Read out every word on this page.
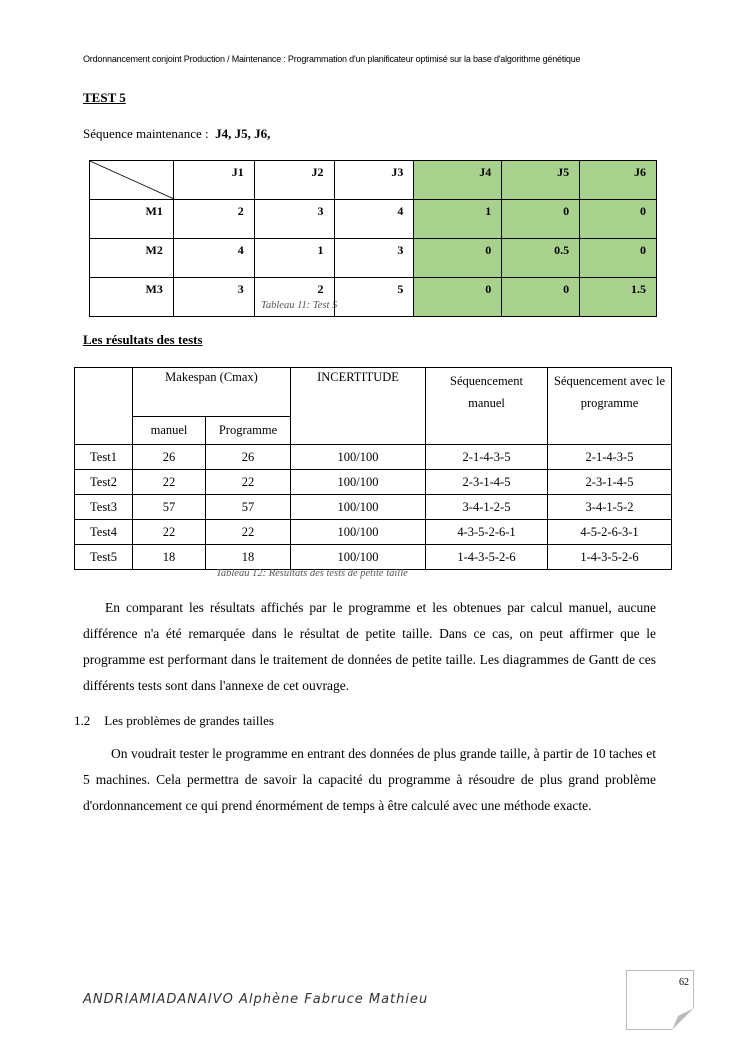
Ordonnancement conjoint Production / Maintenance : Programmation d'un planificateur optimisé sur la base d'algorithme génétique
TEST 5
Séquence maintenance : J4, J5, J6,
	J1	J2	J3	J4	J5	J6
M1	2	3	4	1	0	0
M2	4	1	3	0	0.5	0
M3	3	2	5	0	0	1.5
Tableau 11: Test 5
Les résultats des tests
	Makespan (Cmax)		INCERTITUDE	Séquencement manuel	Séquencement avec le programme
	manuel	Programme			
Test1	26	26	100/100	2-1-4-3-5	2-1-4-3-5
Test2	22	22	100/100	2-3-1-4-5	2-3-1-4-5
Test3	57	57	100/100	3-4-1-2-5	3-4-1-5-2
Test4	22	22	100/100	4-3-5-2-6-1	4-5-2-6-3-1
Test5	18	18	100/100	1-4-3-5-2-6	1-4-3-5-2-6
Tableau 12: Résultats des tests de petite taille
En comparant les résultats affichés par le programme et les obtenues par calcul manuel, aucune différence n'a été remarquée dans le résultat de petite taille. Dans ce cas, on peut affirmer que le programme est performant dans le traitement de données de petite taille. Les diagrammes de Gantt de ces différents tests sont dans l'annexe de cet ouvrage.
1.2 Les problèmes de grandes tailles
On voudrait tester le programme en entrant des données de plus grande taille, à partir de 10 taches et 5 machines. Cela permettra de savoir la capacité du programme à résoudre de plus grand problème d'ordonnancement ce qui prend énormément de temps à être calculé avec une méthode exacte.
62
ANDRIAMIADANAIVO Alphène Fabruce Mathieu
